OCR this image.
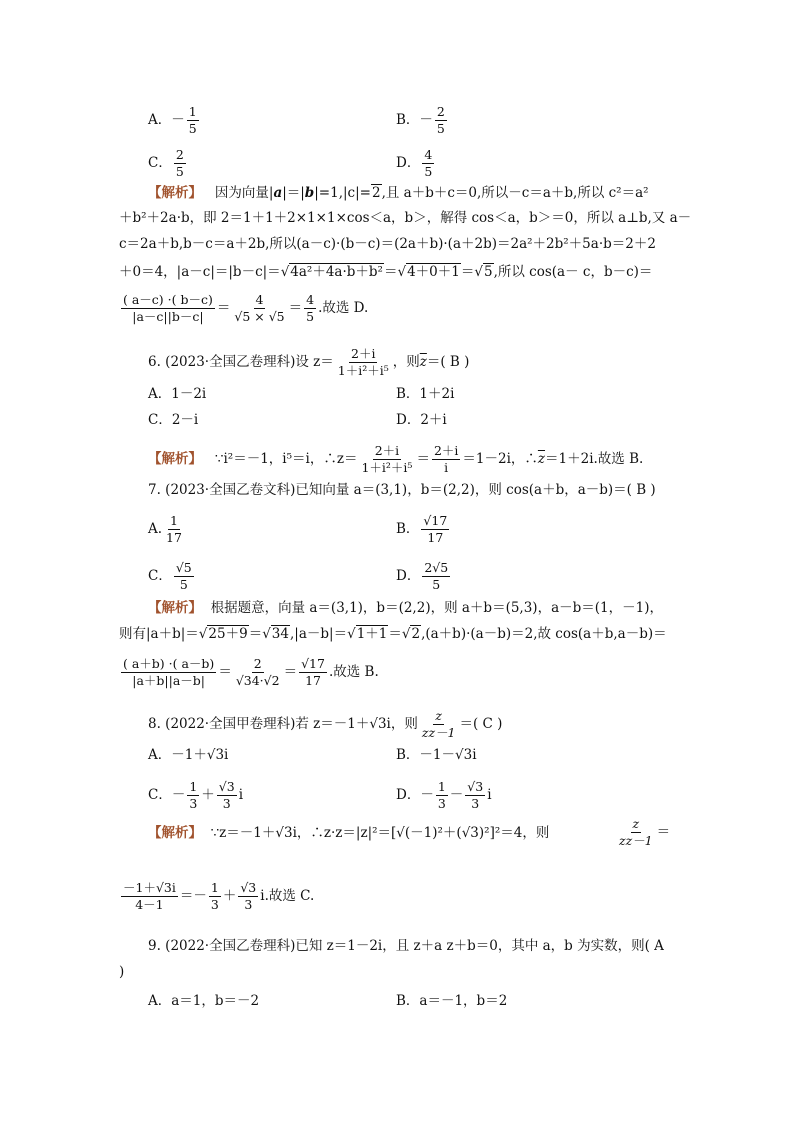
A．－ $\frac{1}{5}$	B．－ $\frac{2}{5}$
C． $\frac{2}{5}$	D． $\frac{4}{5}$
【解析】 因为向量|a|＝|b|=1,|c|=2,且 a＋b＋c＝0,所以－c＝a＋b,所以 c²＝a²
＋b²＋2a·b，即 2＝1＋1＋2×1×1×cos＜a，b＞，解得 cos＜a，b＞＝0，所以 a⊥b,又 a－
c＝2a＋b,b－c＝a＋2b,所以(a－c)·(b－c)＝(2a＋b)·(a＋2b)＝2a²＋2b²＋5a·b＝2＋2
＋0＝4，|a－c|＝|b－c|＝√4a²＋4a·b＋b²＝√4＋0＋1＝√5,所以 cos(a－ c，b－c)＝
$\frac{( a-c) \cdot( b-c)}{|a-c||b-c|} = \frac{4}{√5 \times √5} = \frac{4}{5}$ .故选 D.
6. (2023·全国乙卷理科)设 $z= \frac{2+i}{\text{1＋i²＋i⁵}}$ ，则$\overline{z}=$( B )
A．1－2i	B．1＋2i
C．2－i	D．2＋i
【解析】 ∵i²＝－1，i⁵＝i，∴z＝ $\frac{2+i}{\text{1＋i²＋i⁵}} = \frac{2+i}{i} =1-2i$，$\therefore\overline{z}=1+2i$.故选 B.
7. (2023·全国乙卷文科)已知向量 a＝(3,1)，b＝(2,2)，则 cos(a＋b，a－b)＝( B )
A. $\frac{1}{17}$	B． $\frac{√17}{17}$
C． $\frac{√5}{5}$	D． $\frac{2√5}{5}$
【解析】 根据题意，向量 a＝(3,1)，b＝(2,2)，则 a＋b＝(5,3)，a－b＝(1，－1)，
则有|a＋b|＝√25＋9＝√34,|a－b|＝√1＋1＝√2,(a＋b)·(a－b)＝2,故 cos(a＋b,a－b)＝
$\frac{( a+b) \cdot( a-b)}{|a+b||a-b|} = \frac{2}{√34\cdot√2} = \frac{√17}{17}$ .故选 B.
8. (2022·全国甲卷理科)若 z＝－1＋√3i，则 $\frac{z}{zz-1}$ ＝( C )
A．－1＋√3i	B．－1－√3i
C．－ $\frac{1}{3} + \frac{√3}{3}$ i	D．－ $\frac{1}{3} - \frac{√3}{3}$ i
【解析】 ∵z＝－1＋√3i，∴z·z＝|z|²＝[√(－1)²＋(√3)²]²＝4，则	$\frac{z}{zz-1}$ ＝
$\frac{-1+√3i}{4-1} =- \frac{1}{3} + \frac{√3}{3} i$.故选 C.
9. (2022·全国乙卷理科)已知 z＝1－2i，且 z＋a z＋b＝0，其中 a，b 为实数，则( A
)
A．a＝1，b＝－2	B．a＝－1，b＝2
